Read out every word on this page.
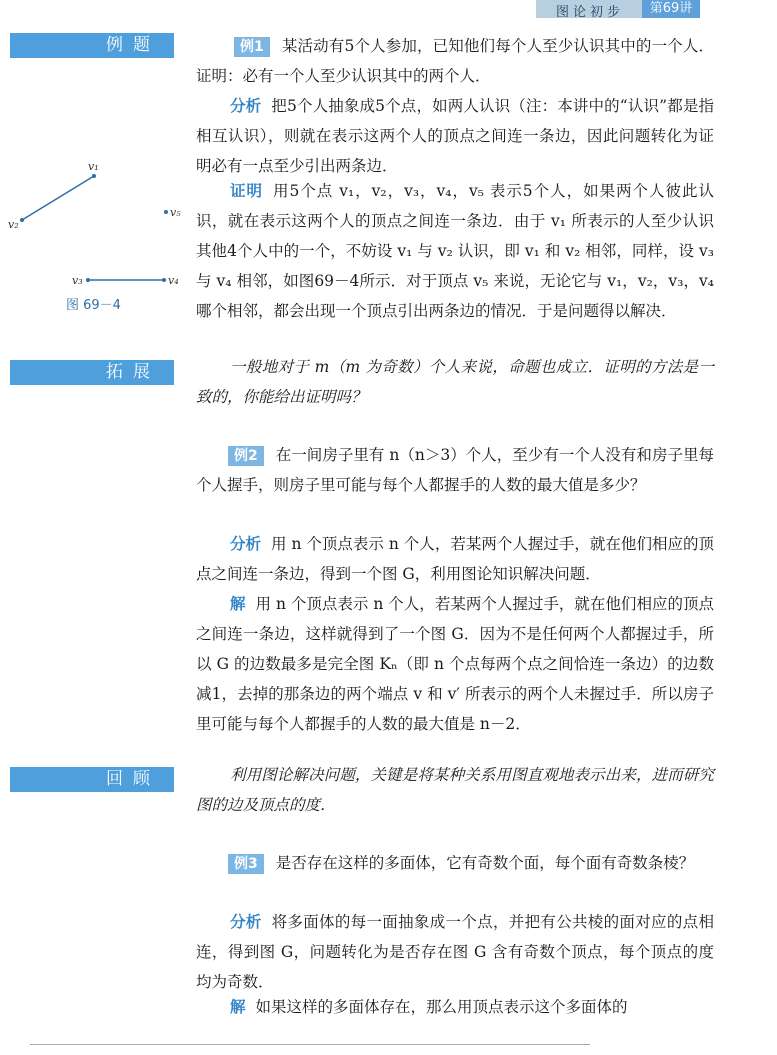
图论初步	第69讲
例题
拓展
回顾
v₁
v₂
v₃	v₄
v₅
图 69－4
例1 某活动有5个人参加，已知他们每个人至少认识其中的一个人．证明：必有一个人至少认识其中的两个人．
分析 把5个人抽象成5个点，如两人认识（注：本讲中的“认识”都是指相互认识），则就在表示这两个人的顶点之间连一条边，因此问题转化为证明必有一点至少引出两条边．
证明 用5个点 v₁，v₂，v₃，v₄，v₅ 表示5个人，如果两个人彼此认识，就在表示这两个人的顶点之间连一条边．由于 v₁ 所表示的人至少认识其他4个人中的一个，不妨设 v₁ 与 v₂ 认识，即 v₁ 和 v₂ 相邻，同样，设 v₃ 与 v₄ 相邻，如图69－4所示．对于顶点 v₅ 来说，无论它与 v₁，v₂，v₃，v₄ 哪个相邻，都会出现一个顶点引出两条边的情况．于是问题得以解决．
一般地对于 m（m 为奇数）个人来说，命题也成立．证明的方法是一致的，你能给出证明吗？
例2 在一间房子里有 n（n＞3）个人，至少有一个人没有和房子里每个人握手，则房子里可能与每个人都握手的人数的最大值是多少？
分析 用 n 个顶点表示 n 个人，若某两个人握过手，就在他们相应的顶点之间连一条边，得到一个图 G，利用图论知识解决问题．
解 用 n 个顶点表示 n 个人，若某两个人握过手，就在他们相应的顶点之间连一条边，这样就得到了一个图 G．因为不是任何两个人都握过手，所以 G 的边数最多是完全图 Kₙ（即 n 个点每两个点之间恰连一条边）的边数减1，去掉的那条边的两个端点 v 和 v′ 所表示的两个人未握过手．所以房子里可能与每个人都握手的人数的最大值是 n－2．
利用图论解决问题，关键是将某种关系用图直观地表示出来，进而研究图的边及顶点的度．
例3 是否存在这样的多面体，它有奇数个面，每个面有奇数条棱？
分析 将多面体的每一面抽象成一个点，并把有公共棱的面对应的点相连，得到图 G，问题转化为是否存在图 G 含有奇数个顶点，每个顶点的度均为奇数．
解 如果这样的多面体存在，那么用顶点表示这个多面体的
